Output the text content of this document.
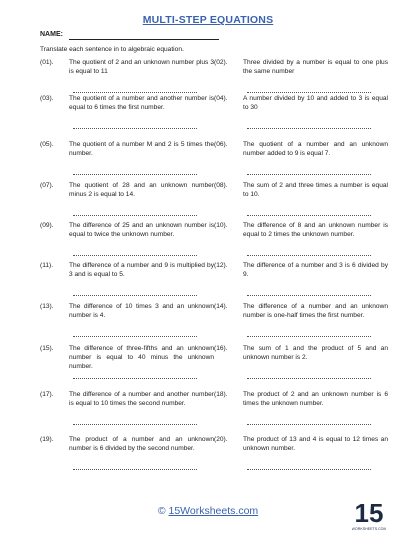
MULTI-STEP EQUATIONS
NAME:
Translate each sentence in to algebraic equation.
(01).	The quotient of 2 and an unknown number plus 3 is equal to 11
(02).	Three divided by a number is equal to one plus the same number
(03).	The quotient of a number and another number is equal to 6 times the first number.
(04).	A number divided by 10 and added to 3 is equal to 30
(05).	The quotient of a number M and 2 is 5 times the number.
(06).	The quotient of a number and an unknown number added to 9 is equal 7.
(07).	The quotient of 28 and an unknown number minus 2 is equal to 14.
(08).	The sum of 2 and three times a number is equal to 10.
(09).	The difference of 25 and an unknown number is equal to twice the unknown number.
(10).	The difference of 8 and an unknown number is equal to 2 times the unknown number.
(11).	The difference of a number and 9 is multiplied by 3 and is equal to 5.
(12).	The difference of a number and 3 is 6 divided by 9.
(13).	The difference of 10 times 3 and an unknown number is 4.
(14).	The difference of a number and an unknown number is one-half times the first number.
(15).	The difference of three-fifths and an unknown number is equal to 40 minus the unknown number.
(16).	The sum of 1 and the product of 5 and an unknown number is 2.
(17).	The difference of a number and another number is equal to 10 times the second number.
(18).	The product of 2 and an unknown number is 6 times the unknown number.
(19).	The product of a number and an unknown number is 6 divided by the second number.
(20).	The product of 13 and 4 is equal to 12 times an unknown number.
© 15Worksheets.com	15
WORKSHEETS.COM
